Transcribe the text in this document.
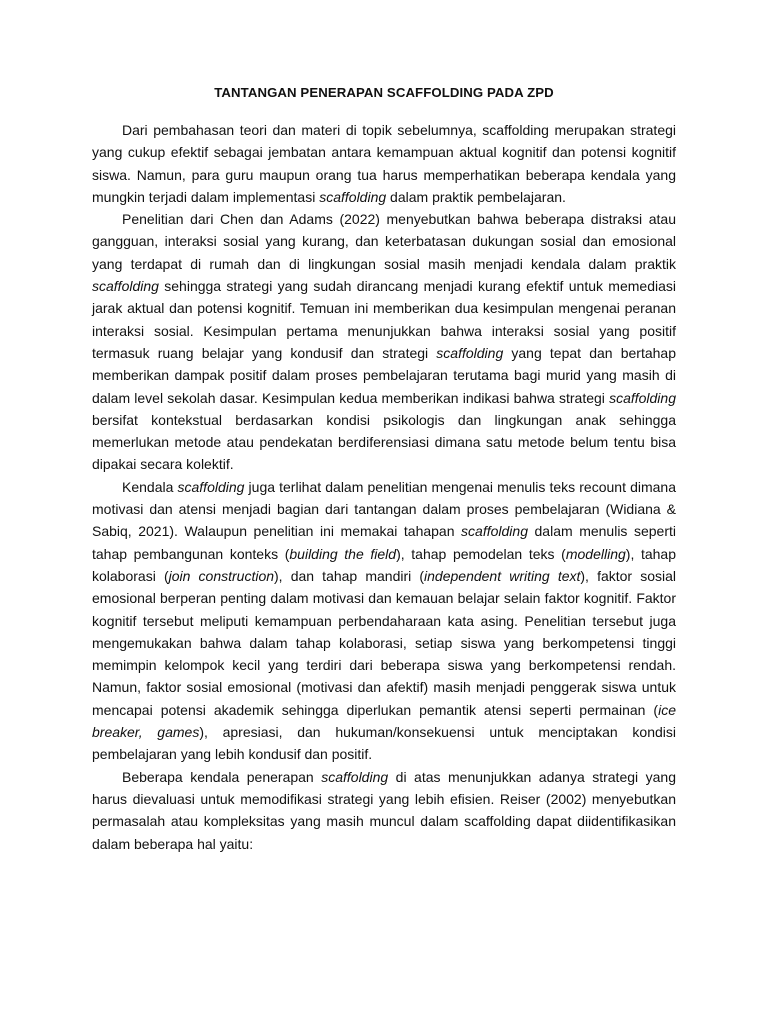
TANTANGAN PENERAPAN SCAFFOLDING PADA ZPD

Dari pembahasan teori dan materi di topik sebelumnya, scaffolding merupakan strategi yang cukup efektif sebagai jembatan antara kemampuan aktual kognitif dan potensi kognitif siswa. Namun, para guru maupun orang tua harus memperhatikan beberapa kendala yang mungkin terjadi dalam implementasi scaffolding dalam praktik pembelajaran.

Penelitian dari Chen dan Adams (2022) menyebutkan bahwa beberapa distraksi atau gangguan, interaksi sosial yang kurang, dan keterbatasan dukungan sosial dan emosional yang terdapat di rumah dan di lingkungan sosial masih menjadi kendala dalam praktik scaffolding sehingga strategi yang sudah dirancang menjadi kurang efektif untuk memediasi jarak aktual dan potensi kognitif. Temuan ini memberikan dua kesimpulan mengenai peranan interaksi sosial. Kesimpulan pertama menunjukkan bahwa interaksi sosial yang positif termasuk ruang belajar yang kondusif dan strategi scaffolding yang tepat dan bertahap memberikan dampak positif dalam proses pembelajaran terutama bagi murid yang masih di dalam level sekolah dasar. Kesimpulan kedua memberikan indikasi bahwa strategi scaffolding bersifat kontekstual berdasarkan kondisi psikologis dan lingkungan anak sehingga memerlukan metode atau pendekatan berdiferensiasi dimana satu metode belum tentu bisa dipakai secara kolektif.

Kendala scaffolding juga terlihat dalam penelitian mengenai menulis teks recount dimana motivasi dan atensi menjadi bagian dari tantangan dalam proses pembelajaran (Widiana & Sabiq, 2021). Walaupun penelitian ini memakai tahapan scaffolding dalam menulis seperti tahap pembangunan konteks (building the field), tahap pemodelan teks (modelling), tahap kolaborasi (join construction), dan tahap mandiri (independent writing text), faktor sosial emosional berperan penting dalam motivasi dan kemauan belajar selain faktor kognitif. Faktor kognitif tersebut meliputi kemampuan perbendaharaan kata asing. Penelitian tersebut juga mengemukakan bahwa dalam tahap kolaborasi, setiap siswa yang berkompetensi tinggi memimpin kelompok kecil yang terdiri dari beberapa siswa yang berkompetensi rendah. Namun, faktor sosial emosional (motivasi dan afektif) masih menjadi penggerak siswa untuk mencapai potensi akademik sehingga diperlukan pemantik atensi seperti permainan (ice breaker, games), apresiasi, dan hukuman/konsekuensi untuk menciptakan kondisi pembelajaran yang lebih kondusif dan positif.

Beberapa kendala penerapan scaffolding di atas menunjukkan adanya strategi yang harus dievaluasi untuk memodifikasi strategi yang lebih efisien. Reiser (2002) menyebutkan permasalah atau kompleksitas yang masih muncul dalam scaffolding dapat diidentifikasikan dalam beberapa hal yaitu:
